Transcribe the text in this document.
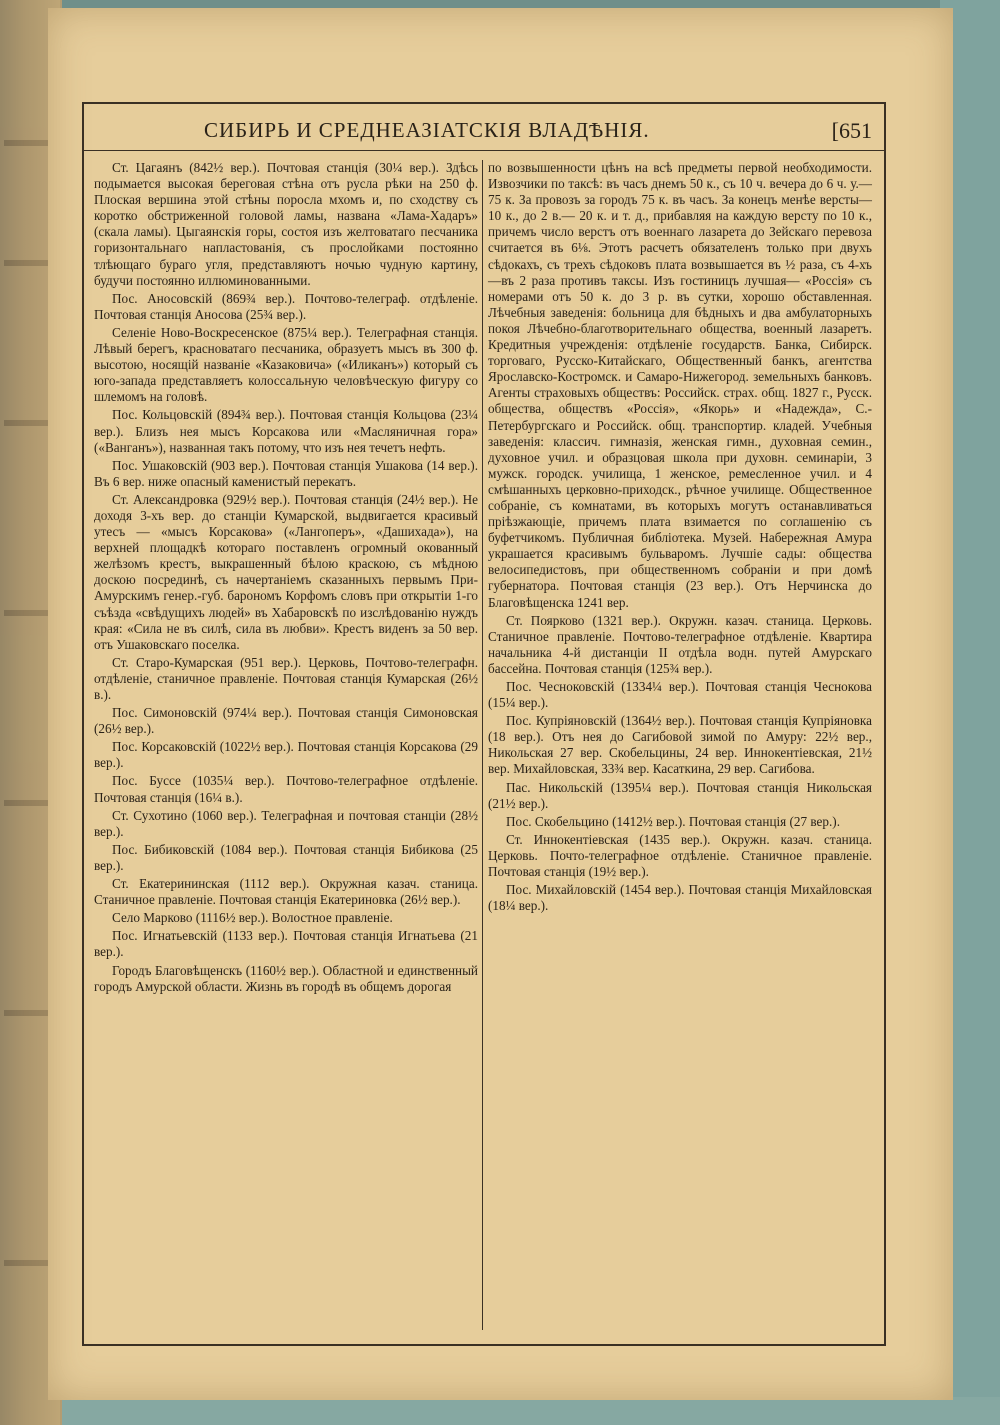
СИБИРЬ И СРЕДНЕАЗІАТСКІЯ ВЛАДѢНІЯ.	[651

Ст. Цагаянъ (842½ вер.). Почтовая станція (30¼ вер.). Здѣсь подымается высокая береговая стѣна отъ русла рѣки на 250 ф. Плоская вершина этой стѣны поросла мхомъ и, по сходству съ коротко обстриженной головой ламы, названа «Лама-Хадаръ» (скала ламы). Цыгаянскія горы, состоя изъ желтоватаго песчаника горизонтальнаго напластованія, съ прослойками постоянно тлѣющаго бураго угля, представляютъ ночью чудную картину, будучи постоянно иллюминованными.

Пос. Аносовскій (869¾ вер.). Почтово-телеграф. отдѣленіе. Почтовая станція Аносова (25¾ вер.).

Селеніе Ново-Воскресенское (875¼ вер.). Телеграфная станція. Лѣвый берегъ, красноватаго песчаника, образуетъ мысъ въ 300 ф. высотою, носящій названіе «Казаковича» («Иликанъ») который съ юго-запада представляетъ колоссальную человѣческую фигуру со шлемомъ на головѣ.

Пос. Кольцовскій (894¾ вер.). Почтовая станція Кольцова (23¼ вер.). Близъ нея мысъ Корсакова или «Масляничная гора» («Ванганъ»), названная такъ потому, что изъ нея течетъ нефть.

Пос. Ушаковскій (903 вер.). Почтовая станція Ушакова (14 вер.). Въ 6 вер. ниже опасный каменистый перекатъ.

Ст. Александровка (929½ вер.). Почтовая станція (24½ вер.). Не доходя 3-хъ вер. до станціи Кумарской, выдвигается красивый утесъ — «мысъ Корсакова» («Лангоперъ», «Дашихада»), на верхней площадкѣ котораго поставленъ огромный окованный желѣзомъ крестъ, выкрашенный бѣлою краскою, съ мѣдною доскою посрединѣ, съ начертаніемъ сказанныхъ первымъ При-Амурскимъ генер.-губ. барономъ Корфомъ словъ при открытіи 1-го съѣзда «свѣдущихъ людей» въ Хабаровскѣ по изслѣдованію нуждъ края: «Сила не въ силѣ, сила въ любви». Крестъ виденъ за 50 вер. отъ Ушаковскаго поселка.

Ст. Старо-Кумарская (951 вер.). Церковь, Почтово-телеграфн. отдѣленіе, станичное правленіе. Почтовая станція Кумарская (26½ в.).

Пос. Симоновскій (974¼ вер.). Почтовая станція Симоновская (26½ вер.).

Пос. Корсаковскій (1022½ вер.). Почтовая станція Корсакова (29 вер.).

Пос. Буссе (1035¼ вер.). Почтово-телеграфное отдѣленіе. Почтовая станція (16¼ в.).

Ст. Сухотино (1060 вер.). Телеграфная и почтовая станціи (28½ вер.).

Пос. Бибиковскій (1084 вер.). Почтовая станція Бибикова (25 вер.).

Ст. Екатерининская (1112 вер.). Окружная казач. станица. Станичное правленіе. Почтовая станція Екатериновка (26½ вер.).

Село Марково (1116½ вер.). Волостное правленіе.

Пос. Игнатьевскій (1133 вер.). Почтовая станція Игнатьева (21 вер.).

Городъ Благовѣщенскъ (1160½ вер.). Областной и единственный городъ Амурской области. Жизнь въ городѣ въ общемъ дорогая

по возвышенности цѣнъ на всѣ предметы первой необходимости. Извозчики по таксѣ: въ часъ днемъ 50 к., съ 10 ч. вечера до 6 ч. у.— 75 к. За провозъ за городъ 75 к. въ часъ. За конецъ менѣе версты—10 к., до 2 в.— 20 к. и т. д., прибавляя на каждую версту по 10 к., причемъ число верстъ отъ военнаго лазарета до Зейскаго перевоза считается въ 6⅛. Этотъ расчетъ обязателенъ только при двухъ сѣдокахъ, съ трехъ сѣдоковъ плата возвышается въ ½ раза, съ 4-хъ—въ 2 раза противъ таксы. Изъ гостиницъ лучшая— «Россія» съ номерами отъ 50 к. до 3 р. въ сутки, хорошо обставленная. Лѣчебныя заведенія: больница для бѣдныхъ и два амбулаторныхъ покоя Лѣчебно-благотворительнаго общества, военный лазаретъ. Кредитныя учрежденія: отдѣленіе государств. Банка, Сибирск. торговаго, Русско-Китайскаго, Общественный банкъ, агентства Ярославско-Костромск. и Самаро-Нижегород. земельныхъ банковъ. Агенты страховыхъ обществъ: Российск. страх. общ. 1827 г., Русск. общества, обществъ «Россія», «Якорь» и «Надежда», С.-Петербургскаго и Российск. общ. транспортир. кладей. Учебныя заведенія: классич. гимназія, женская гимн., духовная семин., духовное учил. и образцовая школа при духовн. семинаріи, 3 мужск. городск. училища, 1 женское, ремесленное учил. и 4 смѣшанныхъ церковно-приходск., рѣчное училище. Общественное собраніе, съ комнатами, въ которыхъ могутъ останавливаться пріѣзжающіе, причемъ плата взимается по соглашенію съ буфетчикомъ. Публичная библіотека. Музей. Набережная Амура украшается красивымъ бульваромъ. Лучшіе сады: общества велосипедистовъ, при общественномъ собраніи и при домѣ губернатора. Почтовая станція (23 вер.). Отъ Нерчинска до Благовѣщенска 1241 вер.

Ст. Поярково (1321 вер.). Окружн. казач. станица. Церковь. Станичное правленіе. Почтово-телеграфное отдѣленіе. Квартира начальника 4-й дистанціи II отдѣла водн. путей Амурскаго бассейна. Почтовая станція (125¾ вер.).

Пос. Чесноковскій (1334¼ вер.). Почтовая станція Чеснокова (15¼ вер.).

Пос. Купріяновскій (1364½ вер.). Почтовая станція Купріяновка (18 вер.). Отъ нея до Сагибовой зимой по Амуру: 22½ вер., Никольская 27 вер. Скобельцины, 24 вер. Иннокентіевская, 21½ вер. Михайловская, 33¾ вер. Касаткина, 29 вер. Сагибова.

Пас. Никольскій (1395¼ вер.). Почтовая станція Никольская (21½ вер.).

Пос. Скобельцино (1412½ вер.). Почтовая станція (27 вер.).

Ст. Иннокентіевская (1435 вер.). Окружн. казач. станица. Церковь. Почто-телеграфное отдѣленіе. Станичное правленіе. Почтовая станція (19½ вер.).

Пос. Михайловскій (1454 вер.). Почтовая станція Михайловская (18¼ вер.).
